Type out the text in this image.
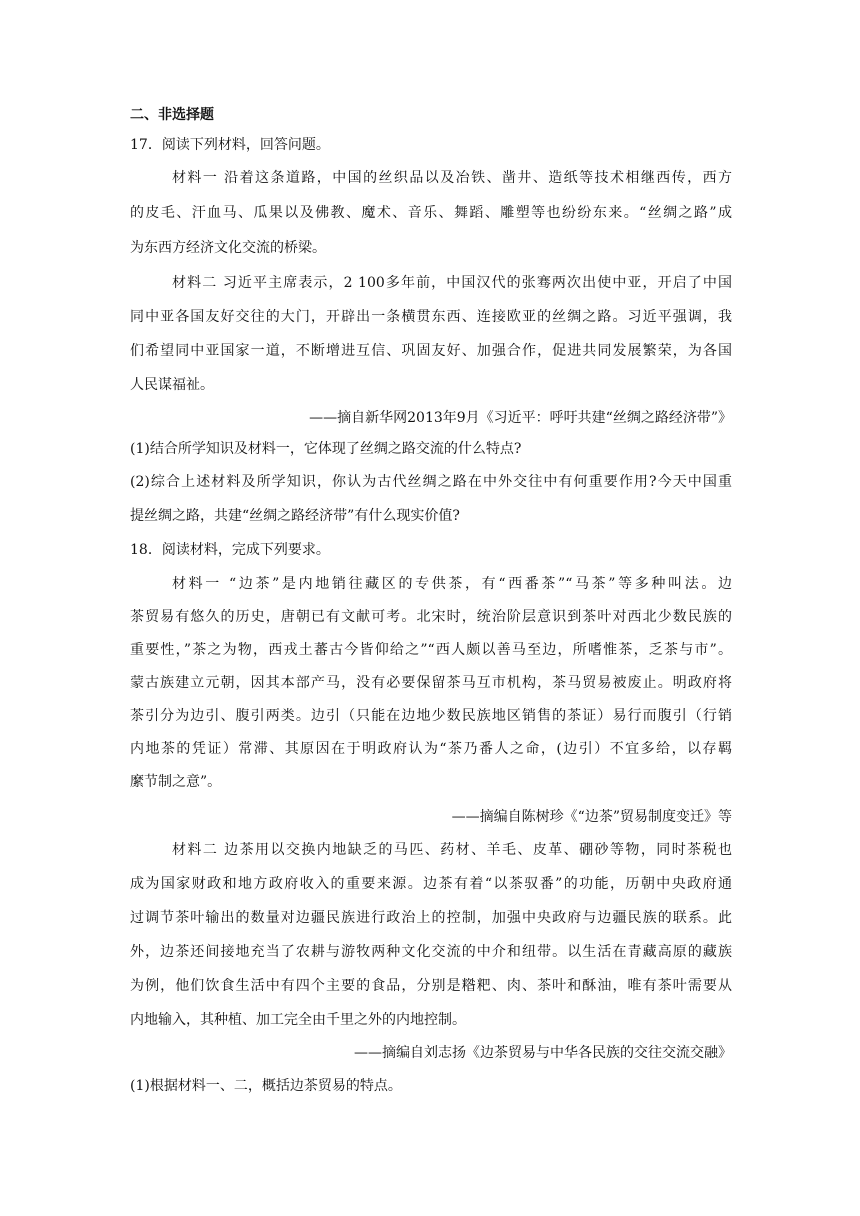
二、非选择题
17．阅读下列材料，回答问题。
材料一 沿着这条道路，中国的丝织品以及冶铁、凿井、造纸等技术相继西传，西方
的皮毛、汗血马、瓜果以及佛教、魔术、音乐、舞蹈、雕塑等也纷纷东来。“丝绸之路”成
为东西方经济文化交流的桥梁。
材料二 习近平主席表示，2 100多年前，中国汉代的张骞两次出使中亚，开启了中国
同中亚各国友好交往的大门，开辟出一条横贯东西、连接欧亚的丝绸之路。习近平强调，我
们希望同中亚国家一道，不断增进互信、巩固友好、加强合作，促进共同发展繁荣，为各国
人民谋福祉。
——摘自新华网2013年9月《习近平：呼吁共建“丝绸之路经济带”》
(1)结合所学知识及材料一，它体现了丝绸之路交流的什么特点?
(2)综合上述材料及所学知识，你认为古代丝绸之路在中外交往中有何重要作用?今天中国重
提丝绸之路，共建“丝绸之路经济带”有什么现实价值?
18．阅读材料，完成下列要求。
材料一 “边茶”是内地销往藏区的专供茶，有“西番茶”“马茶”等多种叫法。边
茶贸易有悠久的历史，唐朝已有文献可考。北宋时，统治阶层意识到茶叶对西北少数民族的
重要性，”茶之为物，西戎土蕃古今皆仰给之”“西人颇以善马至边，所嗜惟茶，乏茶与市”。
蒙古族建立元朝，因其本部产马，没有必要保留茶马互市机构，茶马贸易被废止。明政府将
茶引分为边引、腹引两类。边引（只能在边地少数民族地区销售的茶证）易行而腹引（行销
内地茶的凭证）常滞、其原因在于明政府认为“茶乃番人之命，(边引）不宜多给，以存羁
縻节制之意”。
——摘编自陈树珍《“边茶”贸易制度变迁》等
材料二 边茶用以交换内地缺乏的马匹、药材、羊毛、皮革、硼砂等物，同时茶税也
成为国家财政和地方政府收入的重要来源。边茶有着“以茶驭番”的功能，历朝中央政府通
过调节茶叶输出的数量对边疆民族进行政治上的控制，加强中央政府与边疆民族的联系。此
外，边茶还间接地充当了农耕与游牧两种文化交流的中介和纽带。以生活在青藏高原的藏族
为例，他们饮食生活中有四个主要的食品，分别是糌粑、肉、茶叶和酥油，唯有茶叶需要从
内地输入，其种植、加工完全由千里之外的内地控制。
——摘编自刘志扬《边茶贸易与中华各民族的交往交流交融》
(1)根据材料一、二，概括边茶贸易的特点。
